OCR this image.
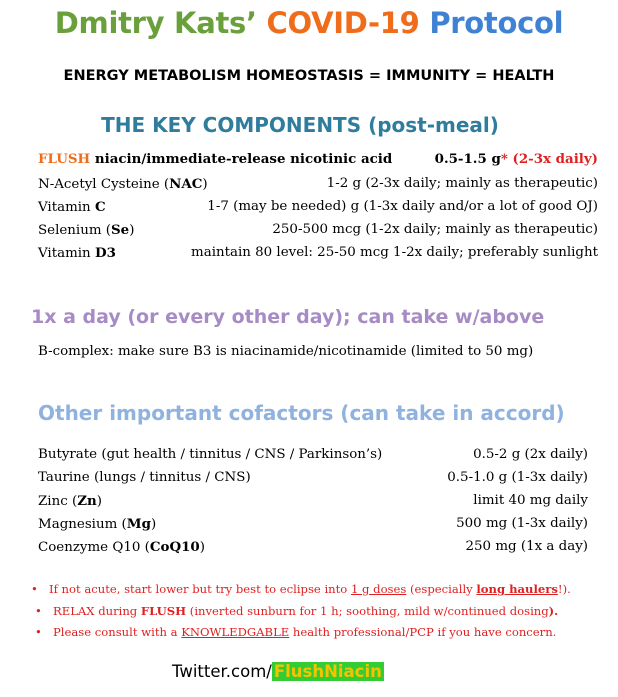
Dmitry Kats’ COVID-19 Protocol
ENERGY METABOLISM HOMEOSTASIS = IMMUNITY = HEALTH
THE KEY COMPONENTS (post-meal)
FLUSH niacin/immediate-release nicotinic acid	0.5-1.5 g* (2-3x daily)
N-Acetyl Cysteine (NAC)	1-2 g (2-3x daily; mainly as therapeutic)
Vitamin C	1-7 (may be needed) g (1-3x daily and/or a lot of good OJ)
Selenium (Se)	250-500 mcg (1-2x daily; mainly as therapeutic)
Vitamin D3	maintain 80 level: 25-50 mcg 1-2x daily; preferably sunlight
1x a day (or every other day); can take w/above
B-complex: make sure B3 is niacinamide/nicotinamide (limited to 50 mg)
Other important cofactors (can take in accord)
Butyrate (gut health / tinnitus / CNS / Parkinson’s)	0.5-2 g (2x daily)
Taurine (lungs / tinnitus / CNS)	0.5-1.0 g (1-3x daily)
Zinc (Zn)	limit 40 mg daily
Magnesium (Mg)	500 mg (1-3x daily)
Coenzyme Q10 (CoQ10)	250 mg (1x a day)
• If not acute, start lower but try best to eclipse into 1 g doses (especially long haulers!).
• RELAX during FLUSH (inverted sunburn for 1 h; soothing, mild w/continued dosing).
• Please consult with a KNOWLEDGABLE health professional/PCP if you have concern.
Twitter.com/ FlushNiacin
